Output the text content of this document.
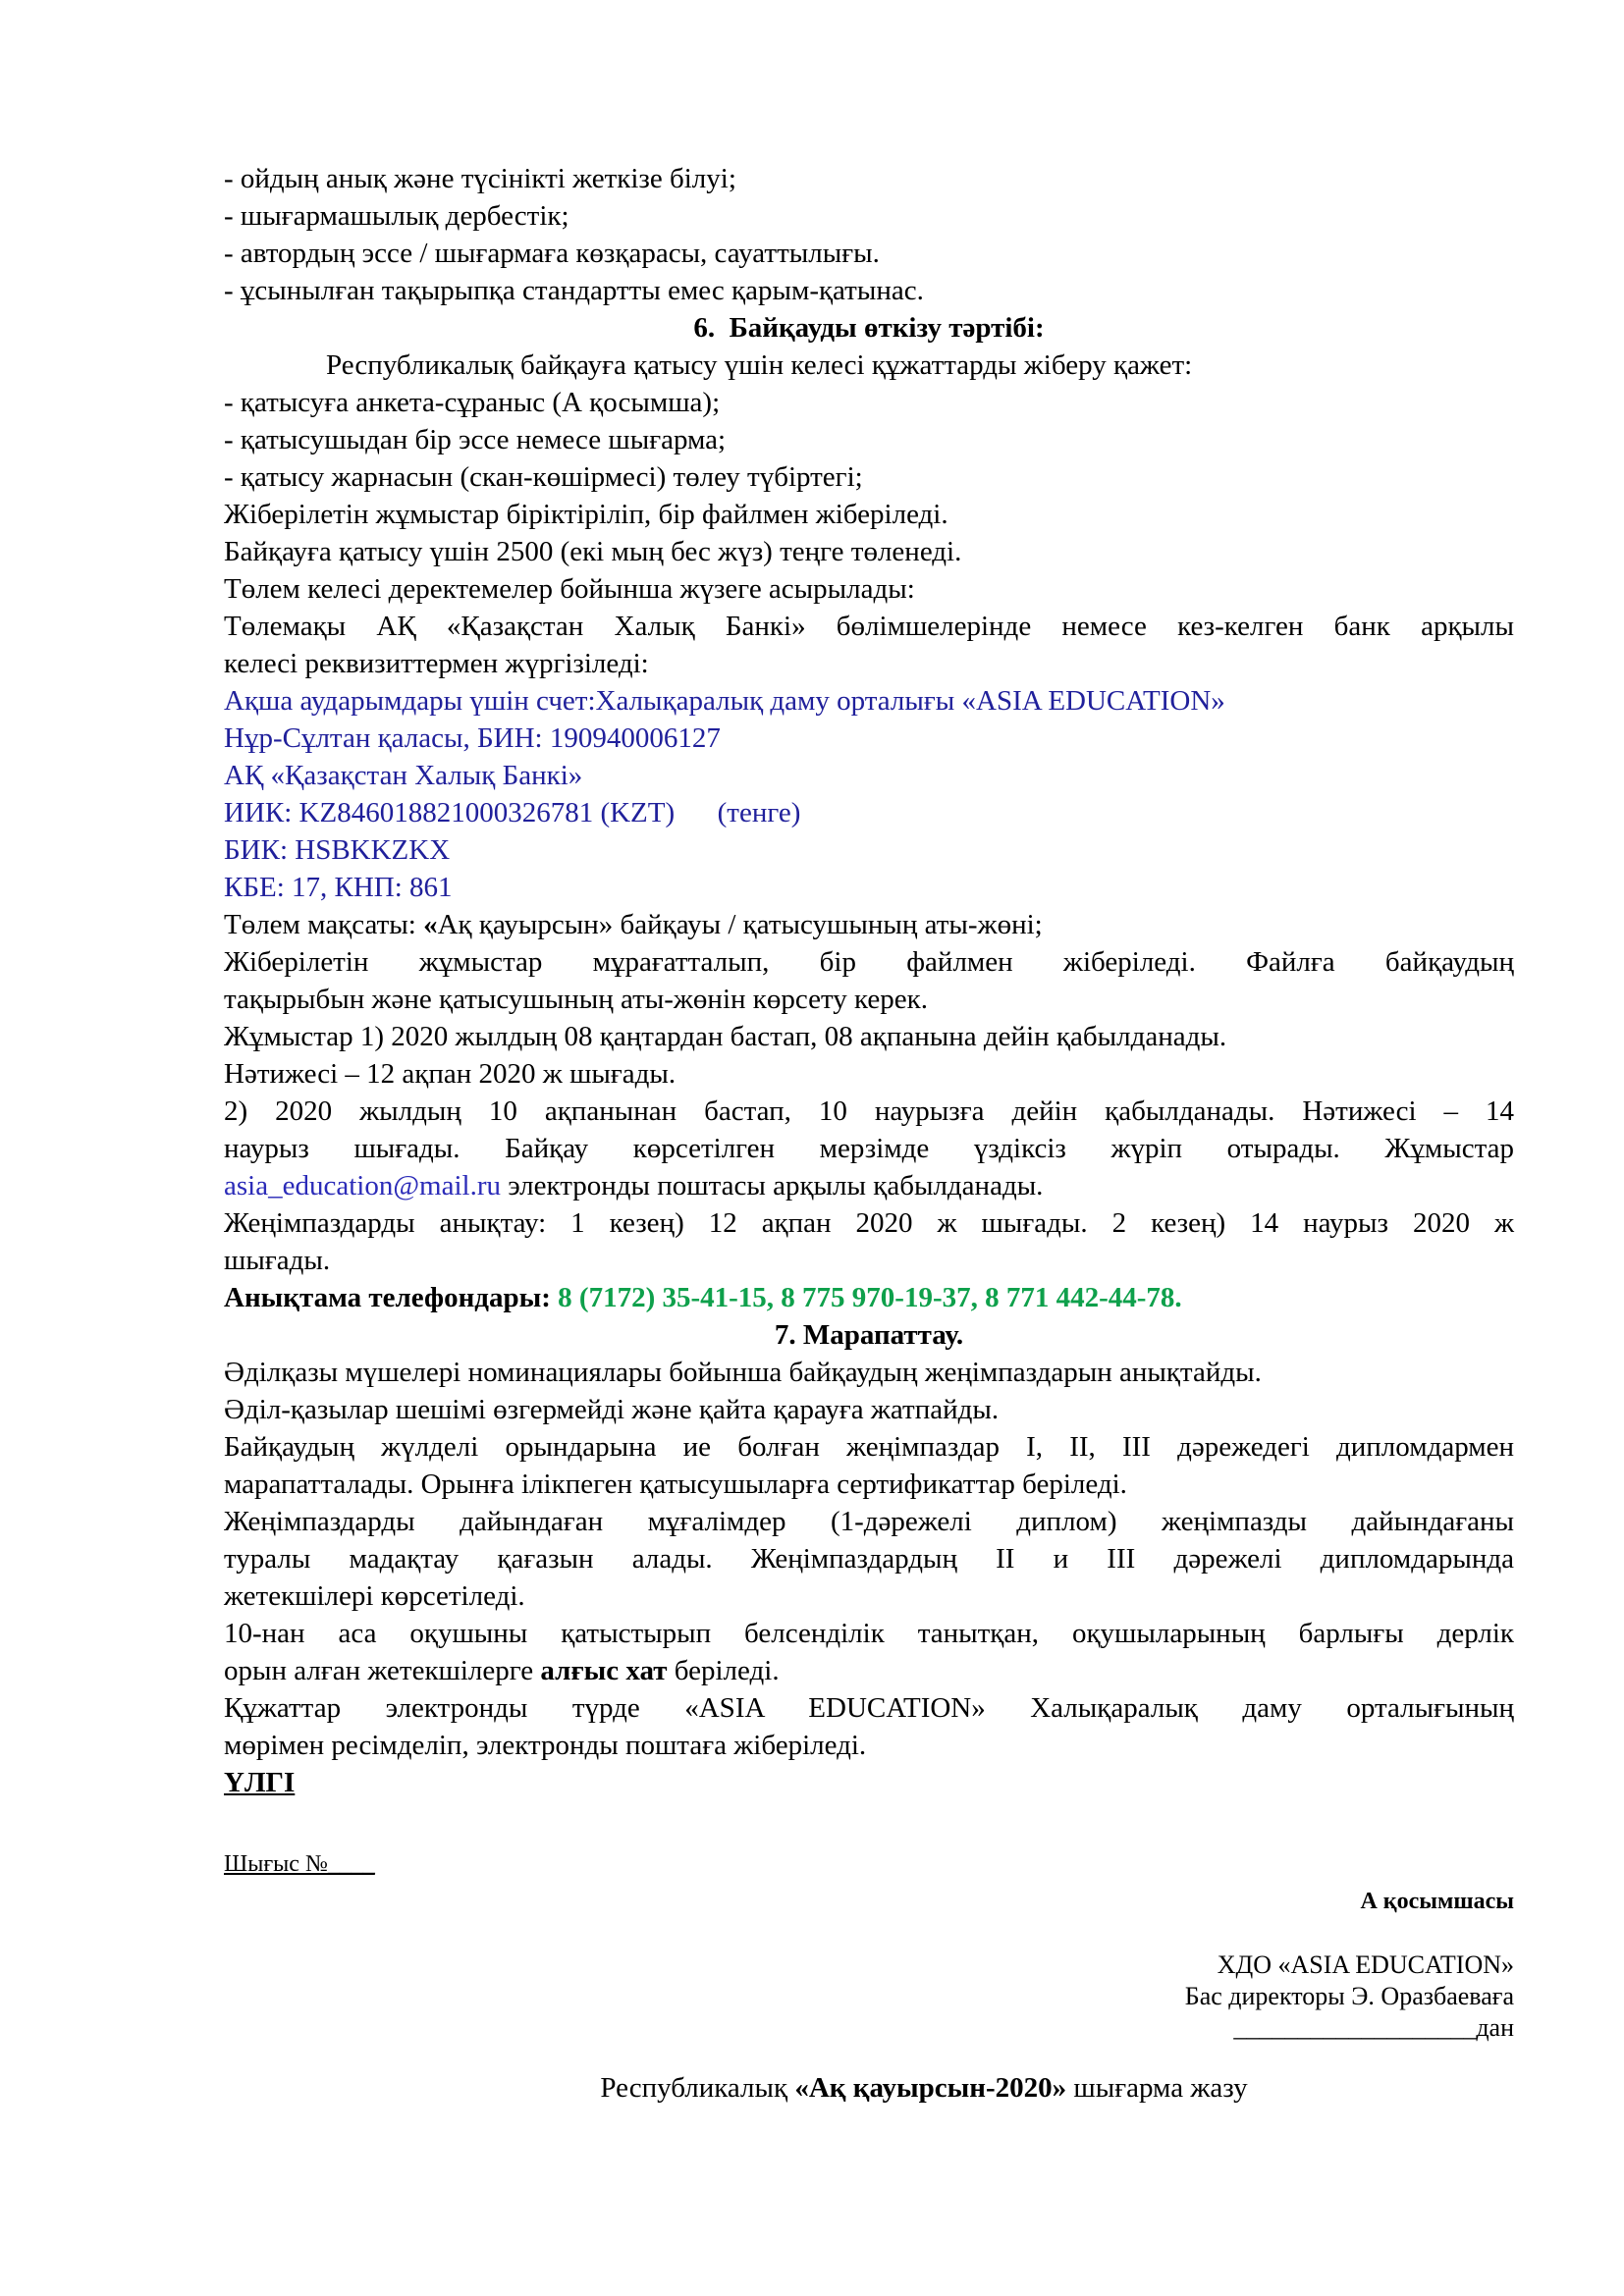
- ойдың анық және түсінікті жеткізе білуі;
- шығармашылық дербестік;
- автордың эссе / шығармаға көзқарасы, сауаттылығы.
- ұсынылған тақырыпқа стандартты емес қарым-қатынас.
6.  Байқауды өткізу тәртібі:
Республикалық байқауға қатысу үшін келесі құжаттарды жіберу қажет:
- қатысуға анкета-сұраныс (А қосымша);
- қатысушыдан бір эссе немесе шығарма;
- қатысу жарнасын (скан-көшірмесі) төлеу түбіртегі;
Жіберілетін жұмыстар біріктіріліп, бір файлмен жіберіледі.
Байқауға қатысу үшін 2500 (екі мың бес жүз) теңге төленеді.
Төлем келесі деректемелер бойынша жүзеге асырылады:
Төлемақы АҚ «Қазақстан Халық Банкі» бөлімшелерінде немесе кез-келген банк арқылы
келесі реквизиттермен жүргізіледі:
Ақша аударымдары үшін счет:Халықаралық даму орталығы «ASIA EDUCATION»
Нұр-Сұлтан қаласы, БИН: 190940006127
АҚ «Қазақстан Халық Банкі»
ИИК: KZ846018821000326781 (KZT)      (тенге)
БИК: HSBKKZKX
КБЕ: 17, КНП: 861
Төлем мақсаты: «Ақ қауырсын» байқауы / қатысушының аты-жөні;
Жіберілетін жұмыстар мұрағатталып, бір файлмен жіберіледі. Файлға байқаудың
тақырыбын және қатысушының аты-жөнін көрсету керек.
Жұмыстар 1) 2020 жылдың 08 қаңтардан бастап, 08 ақпанына дейін қабылданады.
Нәтижесі – 12 ақпан 2020 ж шығады.
2) 2020 жылдың 10 ақпанынан бастап, 10 наурызға дейін қабылданады. Нәтижесі – 14
наурыз шығады. Байқау көрсетілген мерзімде үздіксіз жүріп отырады. Жұмыстар
asia_education@mail.ru электронды поштасы арқылы қабылданады.
Жеңімпаздарды анықтау: 1 кезең) 12 ақпан 2020 ж шығады. 2 кезең) 14 наурыз 2020 ж
шығады.
Анықтама телефондары: 8 (7172) 35-41-15, 8 775 970-19-37, 8 771 442-44-78.
7. Марапаттау.
Әділқазы мүшелері номинациялары бойынша байқаудың жеңімпаздарын анықтайды.
Әділ-қазылар шешімі өзгермейді және қайта қарауға жатпайды.
Байқаудың жүлделі орындарына ие болған жеңімпаздар I, II, III дәрежедегі дипломдармен
марапатталады. Орынға ілікпеген қатысушыларға сертификаттар беріледі.
Жеңімпаздарды дайындаған мұғалімдер (1-дәрежелі диплом) жеңімпазды дайындағаны
туралы мадақтау қағазын алады. Жеңімпаздардың II и III дәрежелі дипломдарында
жетекшілері көрсетіледі.
10-нан аса оқушыны қатыстырып белсенділік танытқан, оқушыларының барлығы дерлік
орын алған жетекшілерге алғыс хат беріледі.
Құжаттар электронды түрде «ASIA EDUCATION» Халықаралық даму орталығының
мөрімен ресімделіп, электронды поштаға жіберіледі.
ҮЛГІ
Шығыс №____
А қосымшасы
ХДО «ASIA EDUCATION»
Бас директоры Э. Оразбаеваға
___________________дан
Республикалық «Ақ қауырсын-2020» шығарма жазу
